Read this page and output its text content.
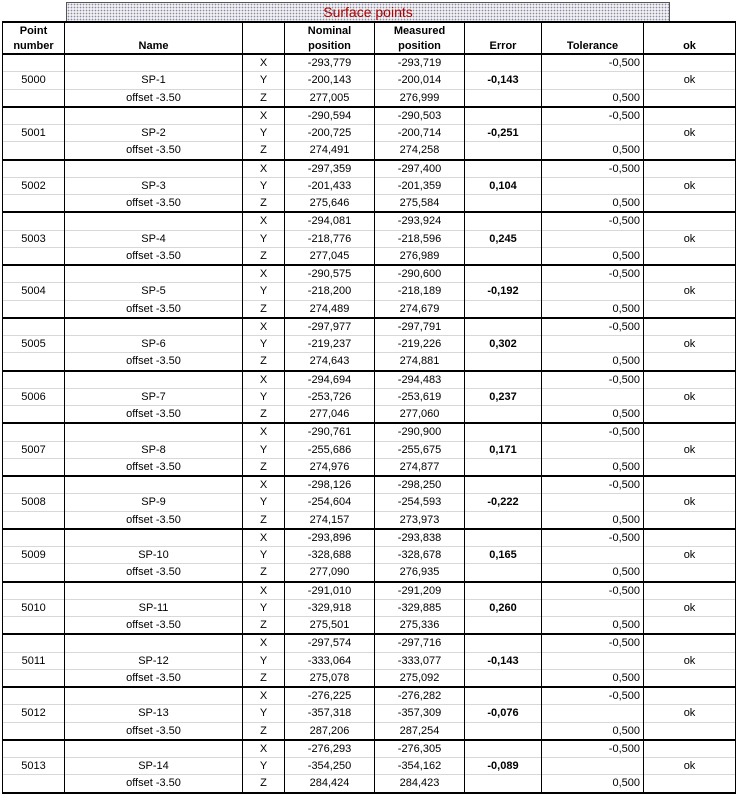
Surface points
Point			Nominal	Measured			
number	Name		position	position	Error	Tolerance	ok
		X	-293,779	-293,719		-0,500	
5000	SP-1	Y	-200,143	-200,014	-0,143		ok
	offset -3.50	Z	277,005	276,999		0,500	
		X	-290,594	-290,503		-0,500	
5001	SP-2	Y	-200,725	-200,714	-0,251		ok
	offset -3.50	Z	274,491	274,258		0,500	
		X	-297,359	-297,400		-0,500	
5002	SP-3	Y	-201,433	-201,359	0,104		ok
	offset -3.50	Z	275,646	275,584		0,500	
		X	-294,081	-293,924		-0,500	
5003	SP-4	Y	-218,776	-218,596	0,245		ok
	offset -3.50	Z	277,045	276,989		0,500	
		X	-290,575	-290,600		-0,500	
5004	SP-5	Y	-218,200	-218,189	-0,192		ok
	offset -3.50	Z	274,489	274,679		0,500	
		X	-297,977	-297,791		-0,500	
5005	SP-6	Y	-219,237	-219,226	0,302		ok
	offset -3.50	Z	274,643	274,881		0,500	
		X	-294,694	-294,483		-0,500	
5006	SP-7	Y	-253,726	-253,619	0,237		ok
	offset -3.50	Z	277,046	277,060		0,500	
		X	-290,761	-290,900		-0,500	
5007	SP-8	Y	-255,686	-255,675	0,171		ok
	offset -3.50	Z	274,976	274,877		0,500	
		X	-298,126	-298,250		-0,500	
5008	SP-9	Y	-254,604	-254,593	-0,222		ok
	offset -3.50	Z	274,157	273,973		0,500	
		X	-293,896	-293,838		-0,500	
5009	SP-10	Y	-328,688	-328,678	0,165		ok
	offset -3.50	Z	277,090	276,935		0,500	
		X	-291,010	-291,209		-0,500	
5010	SP-11	Y	-329,918	-329,885	0,260		ok
	offset -3.50	Z	275,501	275,336		0,500	
		X	-297,574	-297,716		-0,500	
5011	SP-12	Y	-333,064	-333,077	-0,143		ok
	offset -3.50	Z	275,078	275,092		0,500	
		X	-276,225	-276,282		-0,500	
5012	SP-13	Y	-357,318	-357,309	-0,076		ok
	offset -3.50	Z	287,206	287,254		0,500	
		X	-276,293	-276,305		-0,500	
5013	SP-14	Y	-354,250	-354,162	-0,089		ok
	offset -3.50	Z	284,424	284,423		0,500	
